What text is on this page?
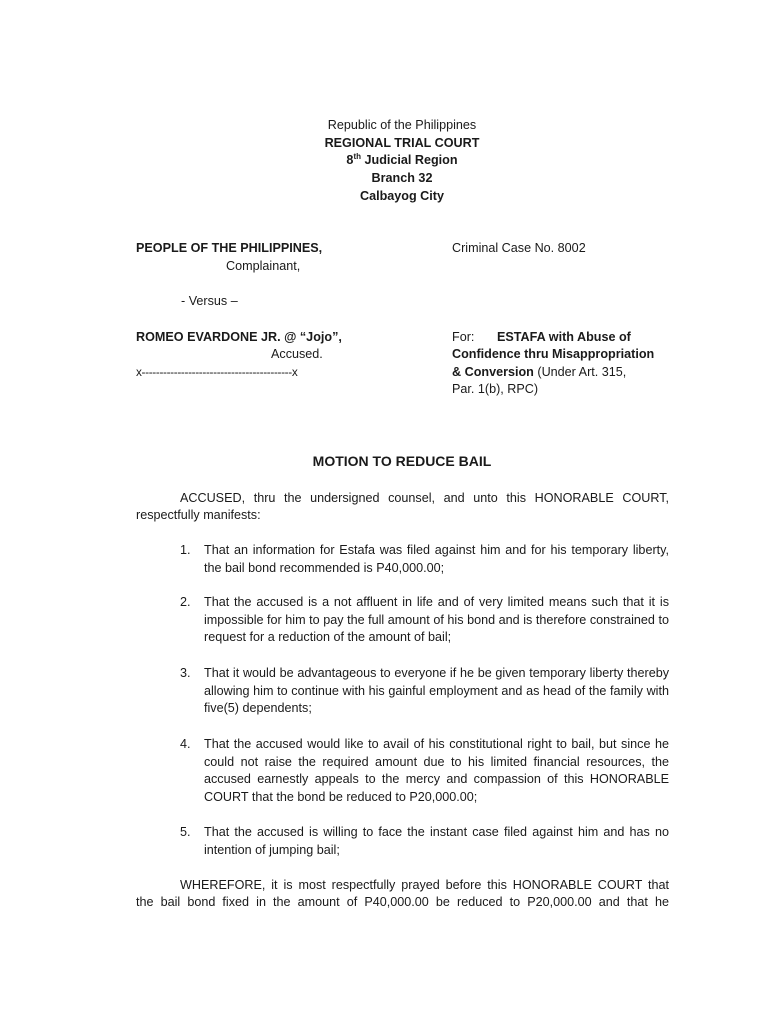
Republic of the Philippines
REGIONAL TRIAL COURT
8th Judicial Region
Branch 32
Calbayog City
PEOPLE OF THE PHILIPPINES,
Complainant,
- Versus –
ROMEO EVARDONE JR. @ “Jojo”,
Accused.
x------------------------------------------x
Criminal Case No. 8002
For: ESTAFA with Abuse of
Confidence thru Misappropriation
& Conversion (Under Art. 315,
Par. 1(b), RPC)
MOTION TO REDUCE BAIL
ACCUSED, thru the undersigned counsel, and unto this HONORABLE COURT,
respectfully manifests:
1. That an information for Estafa was filed against him and for his temporary liberty, the bail bond recommended is P40,000.00;
2. That the accused is a not affluent in life and of very limited means such that it is impossible for him to pay the full amount of his bond and is therefore constrained to request for a reduction of the amount of bail;
3. That it would be advantageous to everyone if he be given temporary liberty thereby allowing him to continue with his gainful employment and as head of the family with five(5) dependents;
4. That the accused would like to avail of his constitutional right to bail, but since he could not raise the required amount due to his limited financial resources, the accused earnestly appeals to the mercy and compassion of this HONORABLE COURT that the bond be reduced to P20,000.00;
5. That the accused is willing to face the instant case filed against him and has no intention of jumping bail;
WHEREFORE, it is most respectfully prayed before this HONORABLE COURT that
the bail bond fixed in the amount of P40,000.00 be reduced to P20,000.00 and that he
